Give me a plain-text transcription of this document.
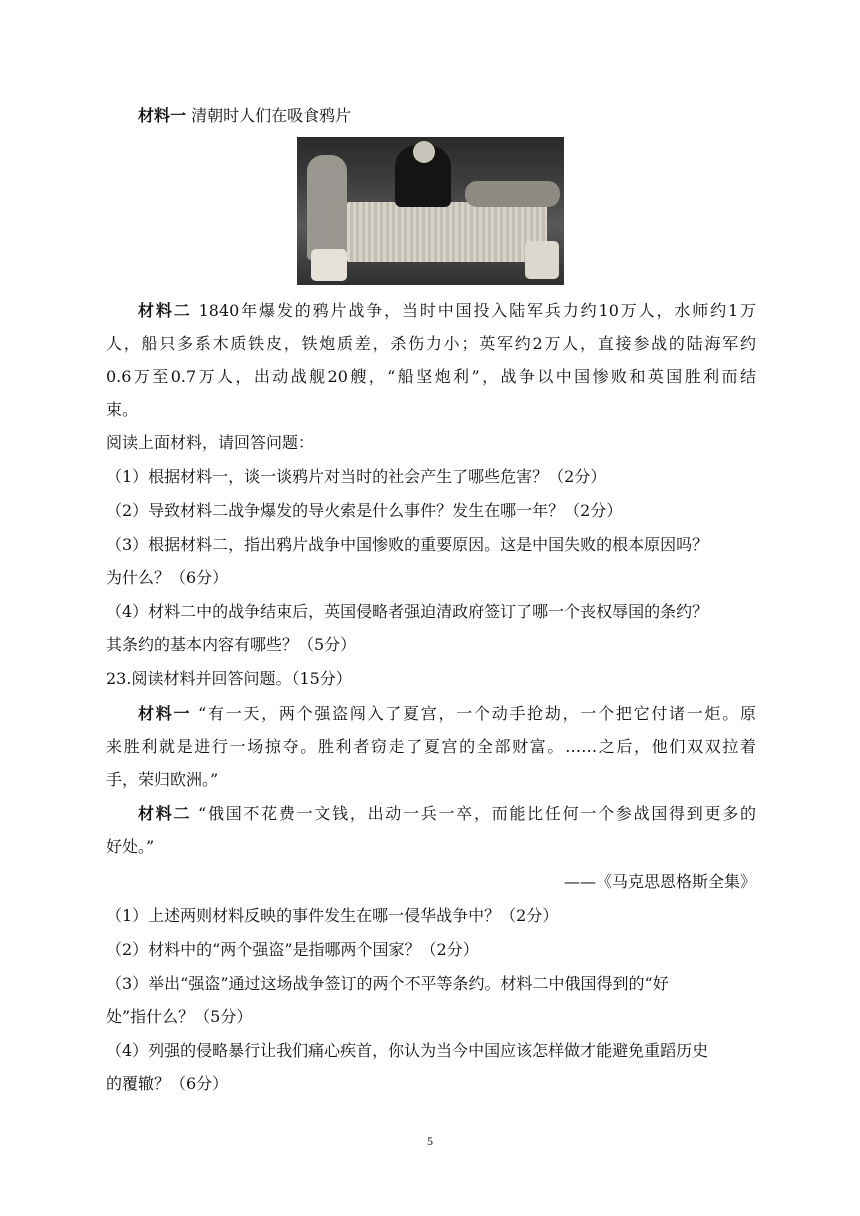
材料一 清朝时人们在吸食鸦片
材料二 1840年爆发的鸦片战争，当时中国投入陆军兵力约10万人，水师约1万
人，船只多系木质铁皮，铁炮质差，杀伤力小；英军约2万人，直接参战的陆海军约
0.6万至0.7万人，出动战舰20艘，“船坚炮利”，战争以中国惨败和英国胜利而结
束。
阅读上面材料，请回答问题：
（1）根据材料一，谈一谈鸦片对当时的社会产生了哪些危害？（2分）
（2）导致材料二战争爆发的导火索是什么事件？发生在哪一年？（2分）
（3）根据材料二，指出鸦片战争中国惨败的重要原因。这是中国失败的根本原因吗？
为什么？（6分）
（4）材料二中的战争结束后，英国侵略者强迫清政府签订了哪一个丧权辱国的条约？
其条约的基本内容有哪些？（5分）
23.阅读材料并回答问题。（15分）
材料一 “有一天，两个强盗闯入了夏宫，一个动手抢劫，一个把它付诸一炬。原
来胜利就是进行一场掠夺。胜利者窃走了夏宫的全部财富。……之后，他们双双拉着
手，荣归欧洲。”
材料二 “俄国不花费一文钱，出动一兵一卒，而能比任何一个参战国得到更多的
好处。”
——《马克思恩格斯全集》
（1）上述两则材料反映的事件发生在哪一侵华战争中？（2分）
（2）材料中的“两个强盗”是指哪两个国家？（2分）
（3）举出“强盗”通过这场战争签订的两个不平等条约。材料二中俄国得到的“好
处”指什么？（5分）
（4）列强的侵略暴行让我们痛心疾首，你认为当今中国应该怎样做才能避免重蹈历史
的覆辙？（6分）
5
